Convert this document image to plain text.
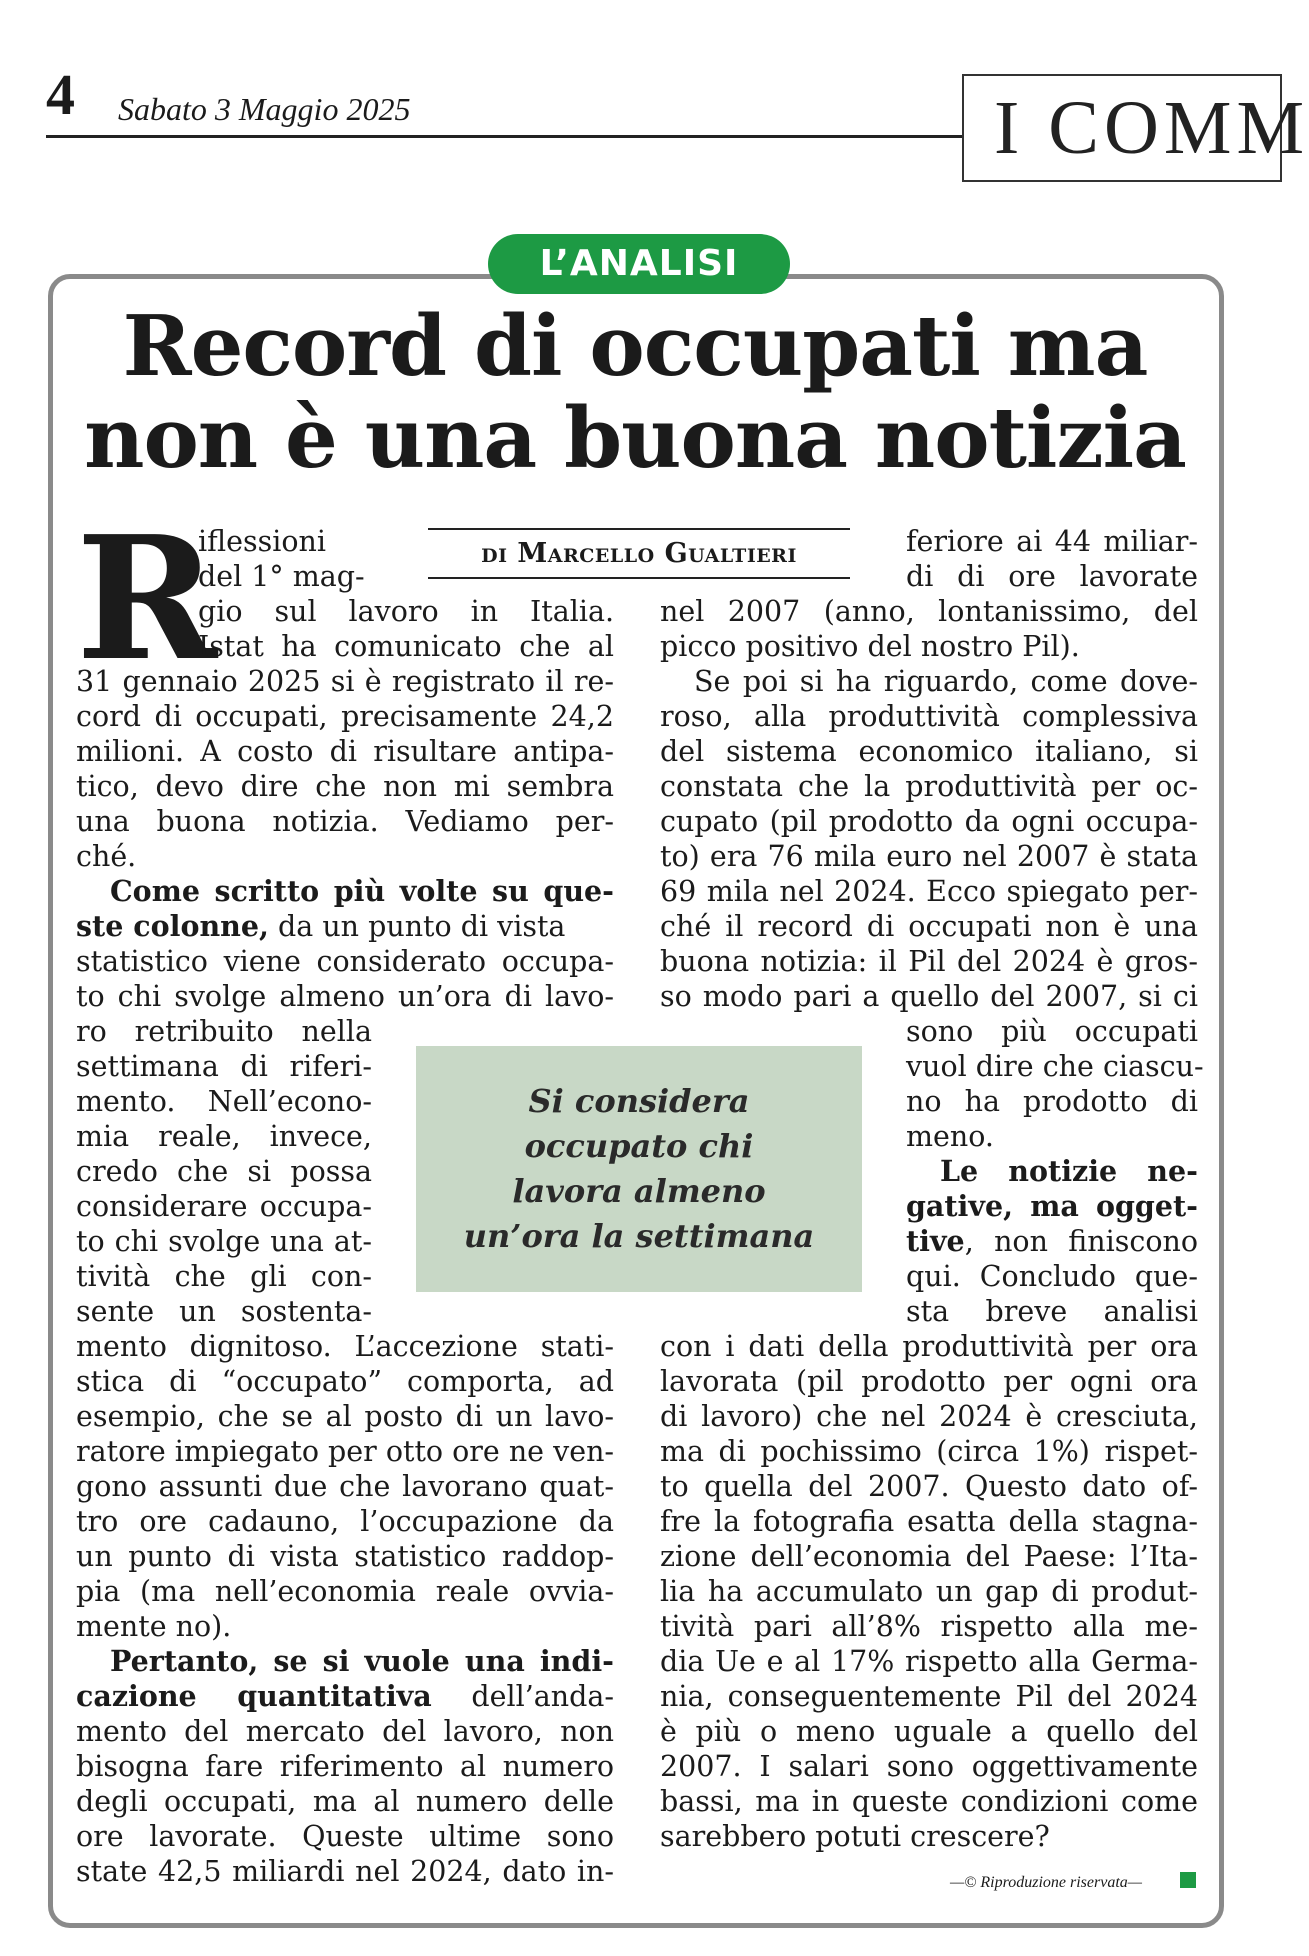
4 Sabato 3 Maggio 2025	I COMM
L’ANALISI
Record di occupati ma
non è una buona notizia
di Marcello Gualtieri
R
iflessioni
del 1° mag-
gio sul lavoro in Italia.
Istat ha comunicato che al
31 gennaio 2025 si è registrato il re-
cord di occupati, precisamente 24,2
milioni. A costo di risultare antipa-
tico, devo dire che non mi sembra
una buona notizia. Vediamo per-
ché.
Come scritto più volte su que-
ste colonne, da un punto di vista
statistico viene considerato occupa-
to chi svolge almeno un’ora di lavo-
ro retribuito nella
settimana di riferi-
mento. Nell’econo-
mia reale, invece,
credo che si possa
considerare occupa-
to chi svolge una at-
tività che gli con-
sente un sostenta-
mento dignitoso. L’accezione stati-
stica di “occupato” comporta, ad
esempio, che se al posto di un lavo-
ratore impiegato per otto ore ne ven-
gono assunti due che lavorano quat-
tro ore cadauno, l’occupazione da
un punto di vista statistico raddop-
pia (ma nell’economia reale ovvia-
mente no).
Pertanto, se si vuole una indi-
cazione quantitativa dell’anda-
mento del mercato del lavoro, non
bisogna fare riferimento al numero
degli occupati, ma al numero delle
ore lavorate. Queste ultime sono
state 42,5 miliardi nel 2024, dato in-
feriore ai 44 miliar-
di di ore lavorate
nel 2007 (anno, lontanissimo, del
picco positivo del nostro Pil).
Se poi si ha riguardo, come dove-
roso, alla produttività complessiva
del sistema economico italiano, si
constata che la produttività per oc-
cupato (pil prodotto da ogni occupa-
to) era 76 mila euro nel 2007 è stata
69 mila nel 2024. Ecco spiegato per-
ché il record di occupati non è una
buona notizia: il Pil del 2024 è gros-
so modo pari a quello del 2007, si ci
sono più occupati
vuol dire che ciascu-
no ha prodotto di
meno.
Le notizie ne-
gative, ma ogget-
tive, non finiscono
qui. Concludo que-
sta breve analisi
con i dati della produttività per ora
lavorata (pil prodotto per ogni ora
di lavoro) che nel 2024 è cresciuta,
ma di pochissimo (circa 1%) rispet-
to quella del 2007. Questo dato of-
fre la fotografia esatta della stagna-
zione dell’economia del Paese: l’Ita-
lia ha accumulato un gap di produt-
tività pari all’8% rispetto alla me-
dia Ue e al 17% rispetto alla Germa-
nia, conseguentemente Pil del 2024
è più o meno uguale a quello del
2007. I salari sono oggettivamente
bassi, ma in queste condizioni come
sarebbero potuti crescere?
Si considera
occupato chi
lavora almeno
un’ora la settimana
—© Riproduzione riservata—
